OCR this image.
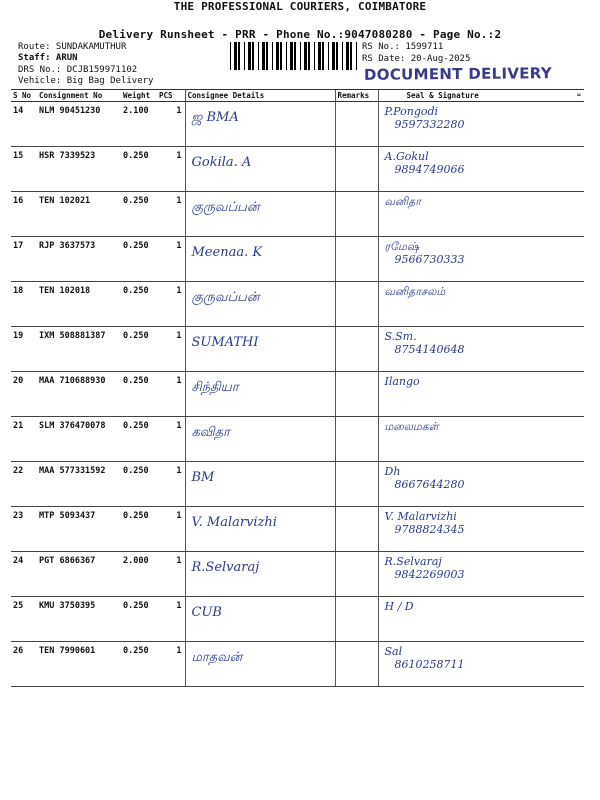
THE PROFESSIONAL COURIERS, COIMBATORE
Delivery Runsheet - PRR - Phone No.:9047080280 - Page No.:2
Route: SUNDAKAMUTHUR
Staff: ARUN
DRS No.: DCJB159971102
Vehicle: Big Bag Delivery
RS No.: 1599711
RS Date: 20-Aug-2025
DOCUMENT DELIVERY
S No	Consignment No	Weight	PCS	Consignee Details	Remarks	Seal & Signature ≈

14	NLM 90451230	2.100	1	ஜ BMA		P.Pongodi
9597332280

15	HSR 7339523	0.250	1	Gokila. A		A.Gokul
9894749066

16	TEN 102021	0.250	1	குருவப்பன்		வனிதா

17	RJP 3637573	0.250	1	Meenaa. K		ரமேஷ்
9566730333

18	TEN 102018	0.250	1	குருவப்பன்		வனிதாசலம்

19	IXM 508881387	0.250	1	SUMATHI		S.Sm.
8754140648

20	MAA 710688930	0.250	1	சிந்தியா		Ilango

21	SLM 376470078	0.250	1	கவிதா		மலைமகள்

22	MAA 577331592	0.250	1	BM		Dh
8667644280

23	MTP 5093437	0.250	1	V. Malarvizhi		V. Malarvizhi
9788824345

24	PGT 6866367	2.000	1	R.Selvaraj		R.Selvaraj
9842269003

25	KMU 3750395	0.250	1	CUB		H / D

26	TEN 7990601	0.250	1	மாதவன்		Sal
8610258711
